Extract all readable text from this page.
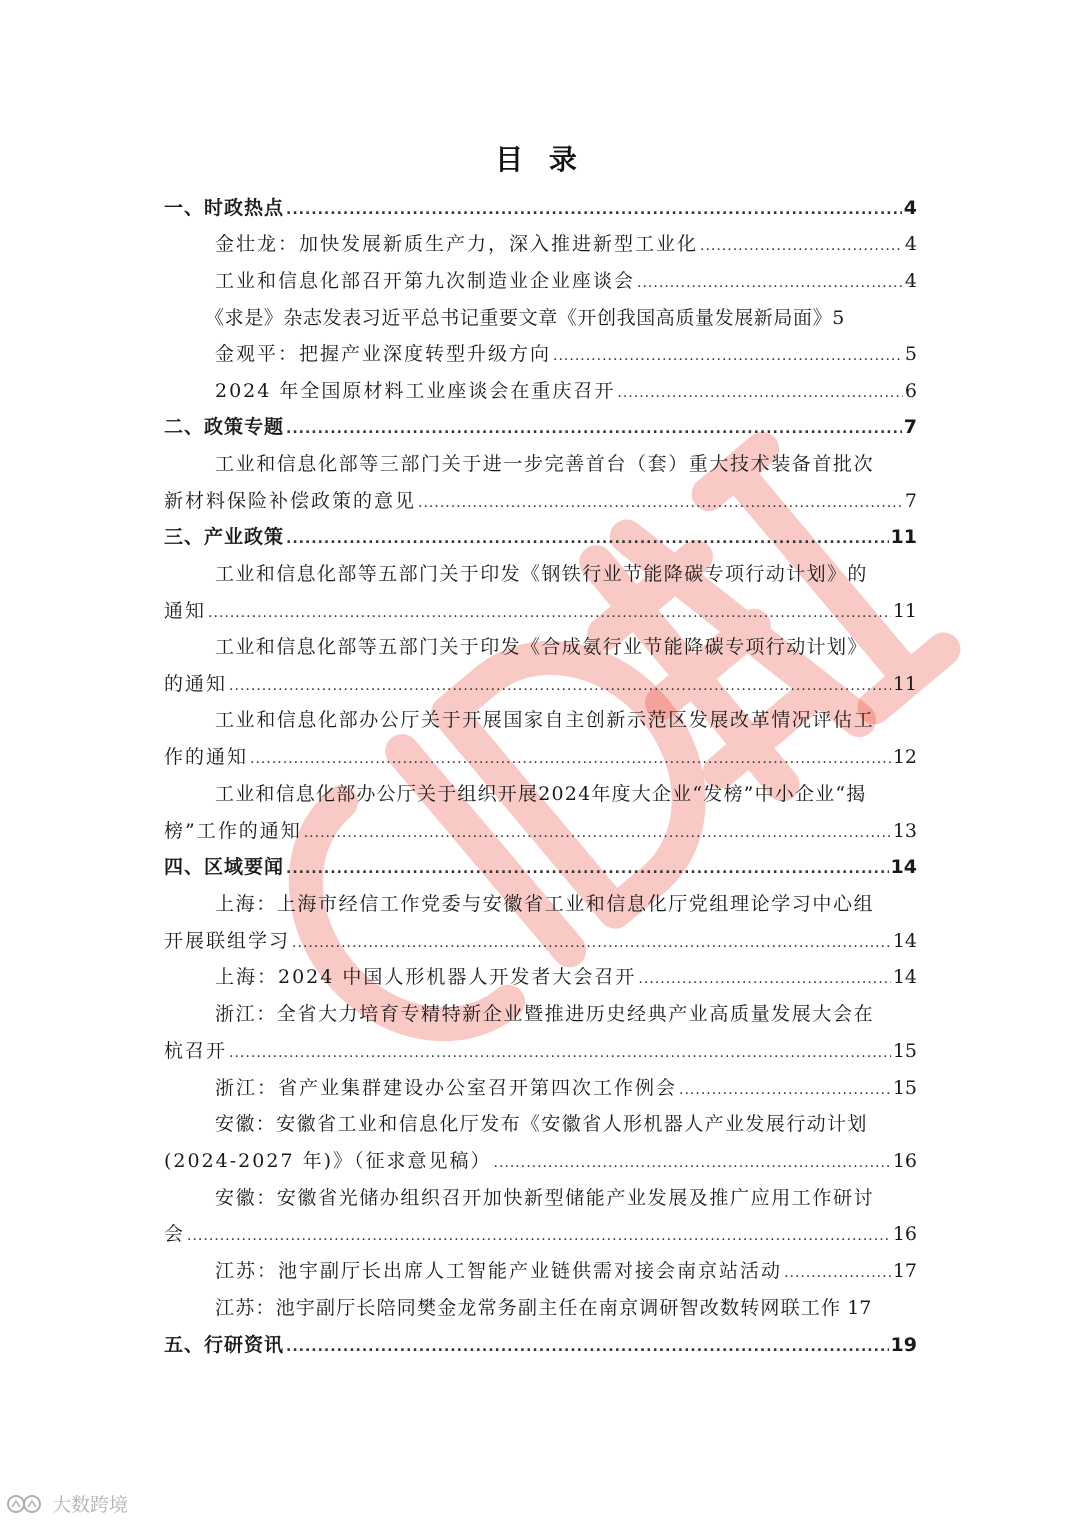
目 录
一、时政热点 .....	4
金壮龙：加快发展新质生产力，深入推进新型工业化 .....	4
工业和信息化部召开第九次制造业企业座谈会 .....	4
《求是》杂志发表习近平总书记重要文章《开创我国高质量发展新局面》 5
金观平：把握产业深度转型升级方向 .....	5
2024 年全国原材料工业座谈会在重庆召开 .....	6
二、政策专题 .....	7
工业和信息化部等三部门关于进一步完善首台（套）重大技术装备首批次
新材料保险补偿政策的意见 .....	7
三、产业政策 .....	11
工业和信息化部等五部门关于印发《钢铁行业节能降碳专项行动计划》的
通知 .....	11
工业和信息化部等五部门关于印发《合成氨行业节能降碳专项行动计划》
的通知 .....	11
工业和信息化部办公厅关于开展国家自主创新示范区发展改革情况评估工
作的通知 .....	12
工业和信息化部办公厅关于组织开展2024年度大企业“发榜”中小企业“揭
榜”工作的通知 .....	13
四、区域要闻 .....	14
上海：上海市经信工作党委与安徽省工业和信息化厅党组理论学习中心组
开展联组学习 .....	14
上海：2024 中国人形机器人开发者大会召开 .....	14
浙江：全省大力培育专精特新企业暨推进历史经典产业高质量发展大会在
杭召开 .....	15
浙江：省产业集群建设办公室召开第四次工作例会 .....	15
安徽：安徽省工业和信息化厅发布《安徽省人形机器人产业发展行动计划
(2024-2027 年)》（征求意见稿） .....	16
安徽：安徽省光储办组织召开加快新型储能产业发展及推广应用工作研讨
会 .....	16
江苏：池宇副厅长出席人工智能产业链供需对接会南京站活动 .....	17
江苏：池宇副厅长陪同樊金龙常务副主任在南京调研智改数转网联工作 17
五、行研资讯 .....	19
大数跨境
